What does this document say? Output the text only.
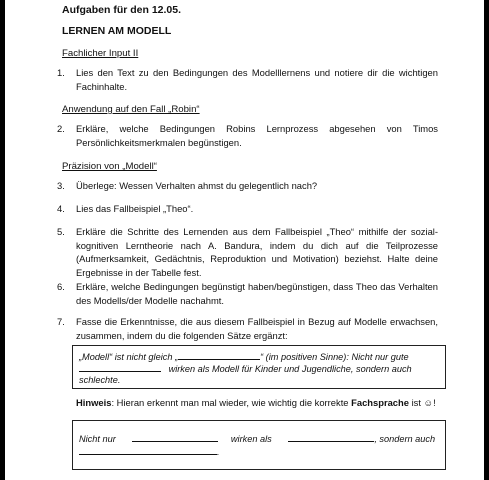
Aufgaben für den 12.05.
LERNEN AM MODELL
Fachlicher Input II
1. Lies den Text zu den Bedingungen des Modelllernens und notiere dir die wichtigen Fachinhalte.
Anwendung auf den Fall „Robin“
2. Erkläre, welche Bedingungen Robins Lernprozess abgesehen von Timos Persönlichkeitsmerkmalen begünstigen.
Präzision von „Modell“
3. Überlege: Wessen Verhalten ahmst du gelegentlich nach?
4. Lies das Fallbeispiel „Theo“.
5. Erkläre die Schritte des Lernenden aus dem Fallbeispiel „Theo“ mithilfe der sozial-kognitiven Lerntheorie nach A. Bandura, indem du dich auf die Teilprozesse (Aufmerksamkeit, Gedächtnis, Reproduktion und Motivation) beziehst. Halte deine Ergebnisse in der Tabelle fest.
6. Erkläre, welche Bedingungen begünstigt haben/begünstigen, dass Theo das Verhalten des Modells/der Modelle nachahmt.
7. Fasse die Erkenntnisse, die aus diesem Fallbeispiel in Bezug auf Modelle erwachsen, zusammen, indem du die folgenden Sätze ergänzt:
„Modell“ ist nicht gleich „	“ (im positiven Sinne): Nicht nur gute
wirken als Modell für Kinder und Jugendliche, sondern auch
schlechte.
Hinweis: Hieran erkennt man mal wieder, wie wichtig die korrekte Fachsprache ist ☺!
Nicht nur	wirken als	, sondern auch
.
